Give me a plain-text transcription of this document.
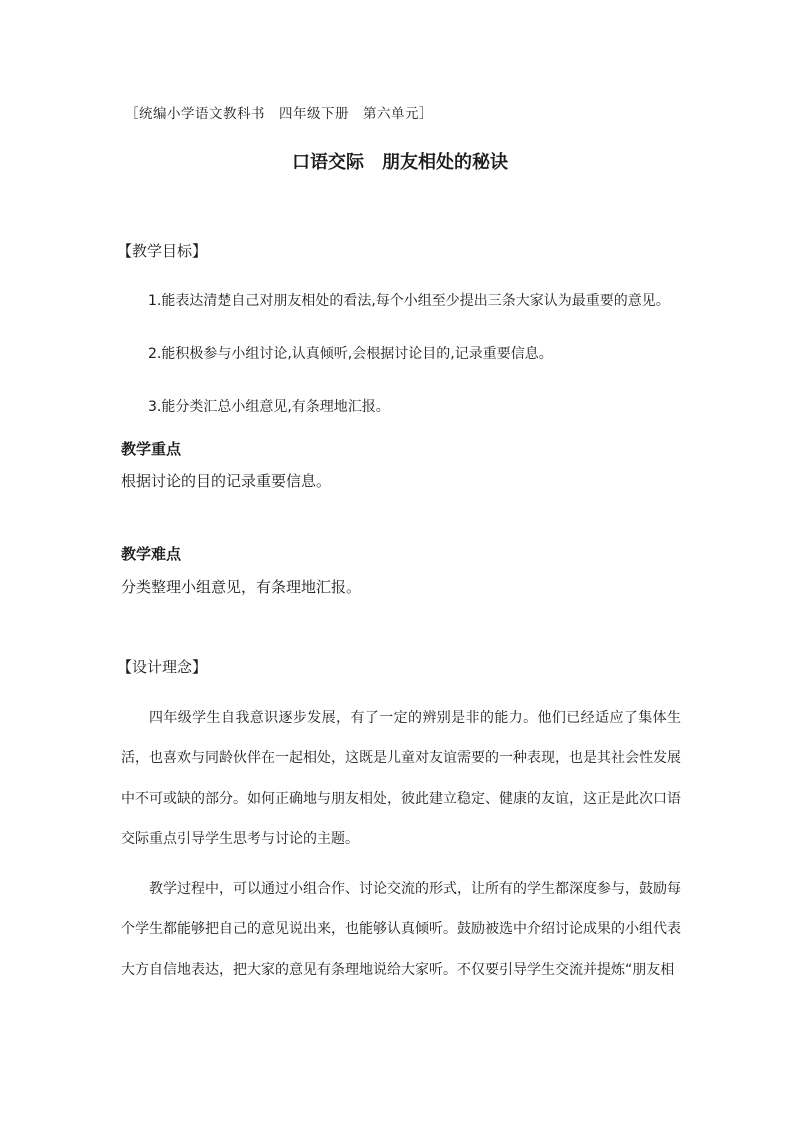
［统编小学语文教科书　四年级下册　第六单元］
口语交际　朋友相处的秘诀
【教学目标】
1.能表达清楚自己对朋友相处的看法,每个小组至少提出三条大家认为最重要的意见。
2.能积极参与小组讨论,认真倾听,会根据讨论目的,记录重要信息。
3.能分类汇总小组意见,有条理地汇报。
教学重点
根据讨论的目的记录重要信息。
教学难点
分类整理小组意见，有条理地汇报。
【设计理念】

四年级学生自我意识逐步发展，有了一定的辨别是非的能力。他们已经适应了集体生活，也喜欢与同龄伙伴在一起相处，这既是儿童对友谊需要的一种表现，也是其社会性发展中不可或缺的部分。如何正确地与朋友相处，彼此建立稳定、健康的友谊，这正是此次口语交际重点引导学生思考与讨论的主题。

教学过程中，可以通过小组合作、讨论交流的形式，让所有的学生都深度参与，鼓励每个学生都能够把自己的意见说出来，也能够认真倾听。鼓励被选中介绍讨论成果的小组代表大方自信地表达，把大家的意见有条理地说给大家听。不仅要引导学生交流并提炼“朋友相
